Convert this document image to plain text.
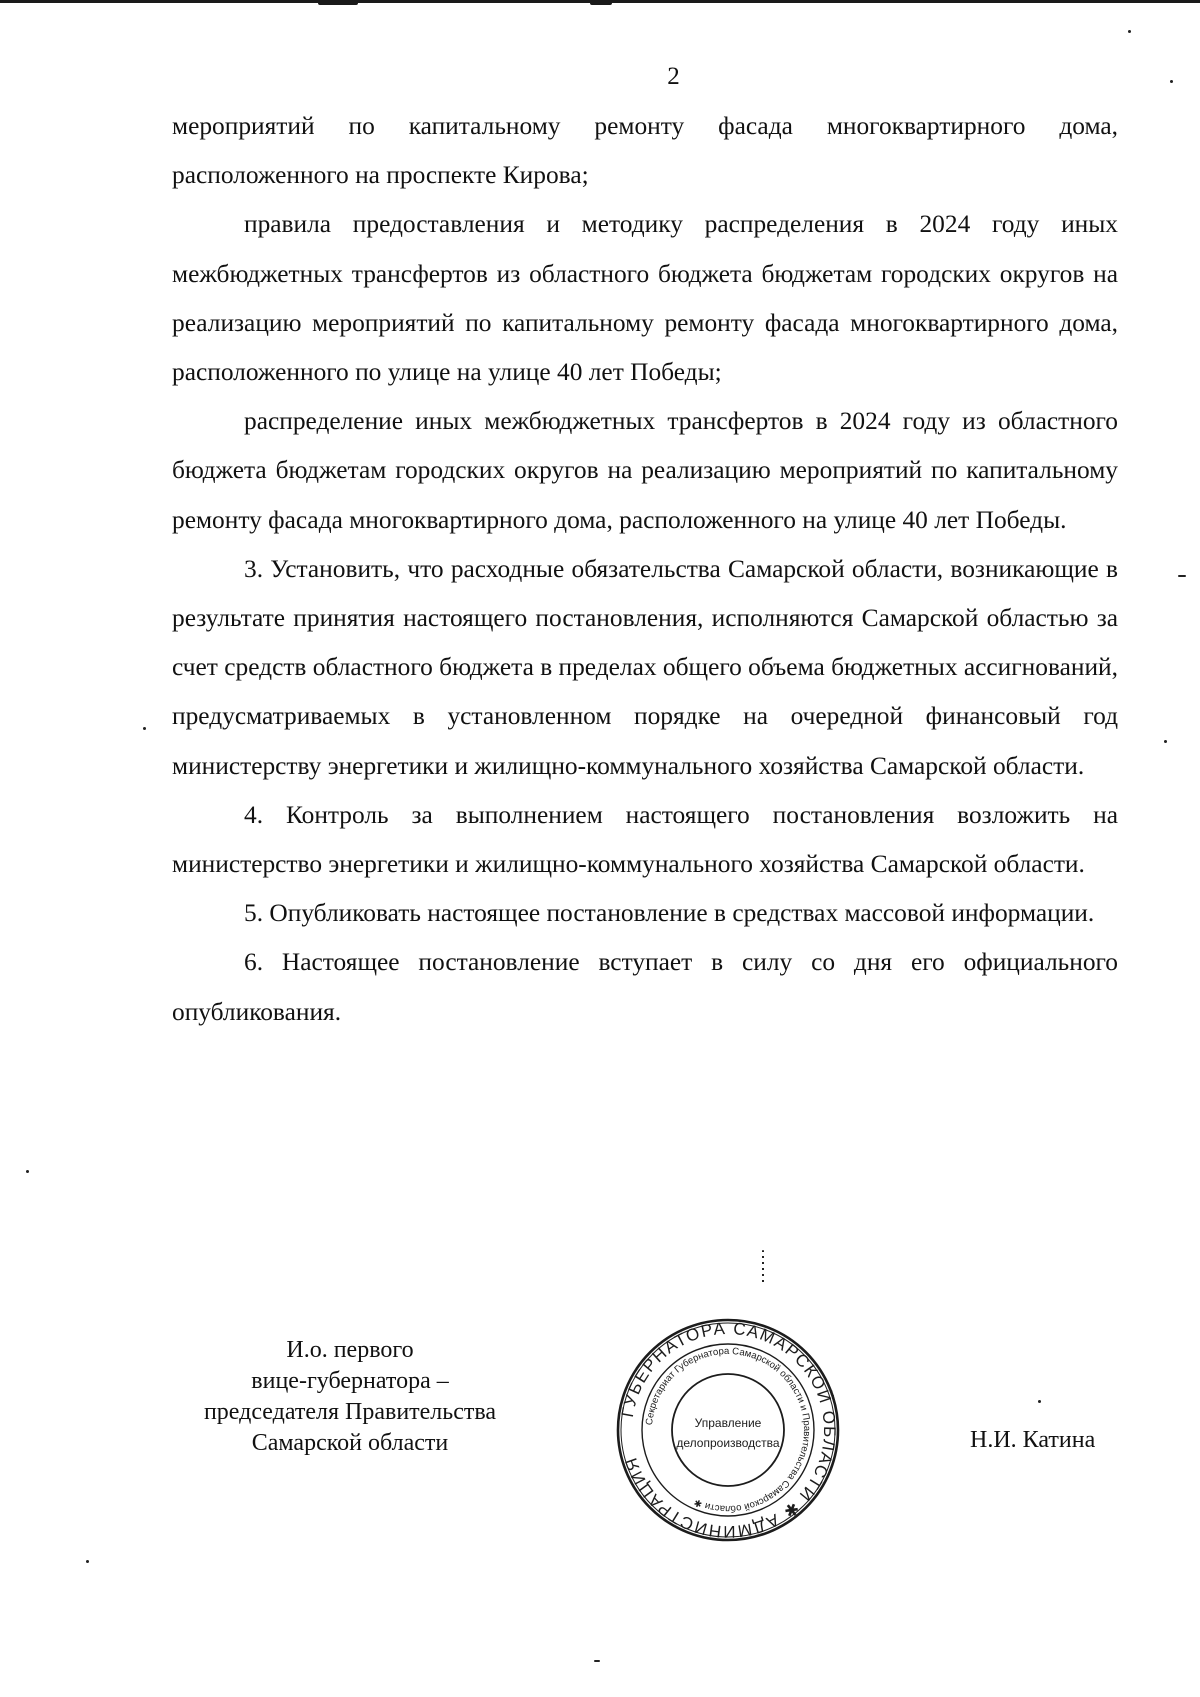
2

мероприятий по капитальному ремонту фасада многоквартирного дома, расположенного на проспекте Кирова;

правила предоставления и методику распределения в 2024 году иных межбюджетных трансфертов из областного бюджета бюджетам городских округов на реализацию мероприятий по капитальному ремонту фасада многоквартирного дома, расположенного по улице на улице 40 лет Победы;

распределение иных межбюджетных трансфертов в 2024 году из областного бюджета бюджетам городских округов на реализацию мероприятий по капитальному ремонту фасада многоквартирного дома, расположенного на улице 40 лет Победы.

3. Установить, что расходные обязательства Самарской области, возникающие в результате принятия настоящего постановления, исполняются Самарской областью за счет средств областного бюджета в пределах общего объема бюджетных ассигнований, предусматриваемых в установленном порядке на очередной финансовый год министерству энергетики и жилищно-коммунального хозяйства Самарской области.

4. Контроль за выполнением настоящего постановления возложить на министерство энергетики и жилищно-коммунального хозяйства Самарской области.

5. Опубликовать настоящее постановление в средствах массовой информации.

6. Настоящее постановление вступает в силу со дня его официального опубликования.

И.о. первого
вице-губернатора –
председателя Правительства
Самарской области
ГУБЕРНАТОРА САМАРСКОЙ ОБЛАСТИ ✱ АДМИНИСТРАЦИЯ
Секретариат Губернатора Самарской области и Правительства Самарской области ✱
Управление
делопроизводства	Н.И. Катина
